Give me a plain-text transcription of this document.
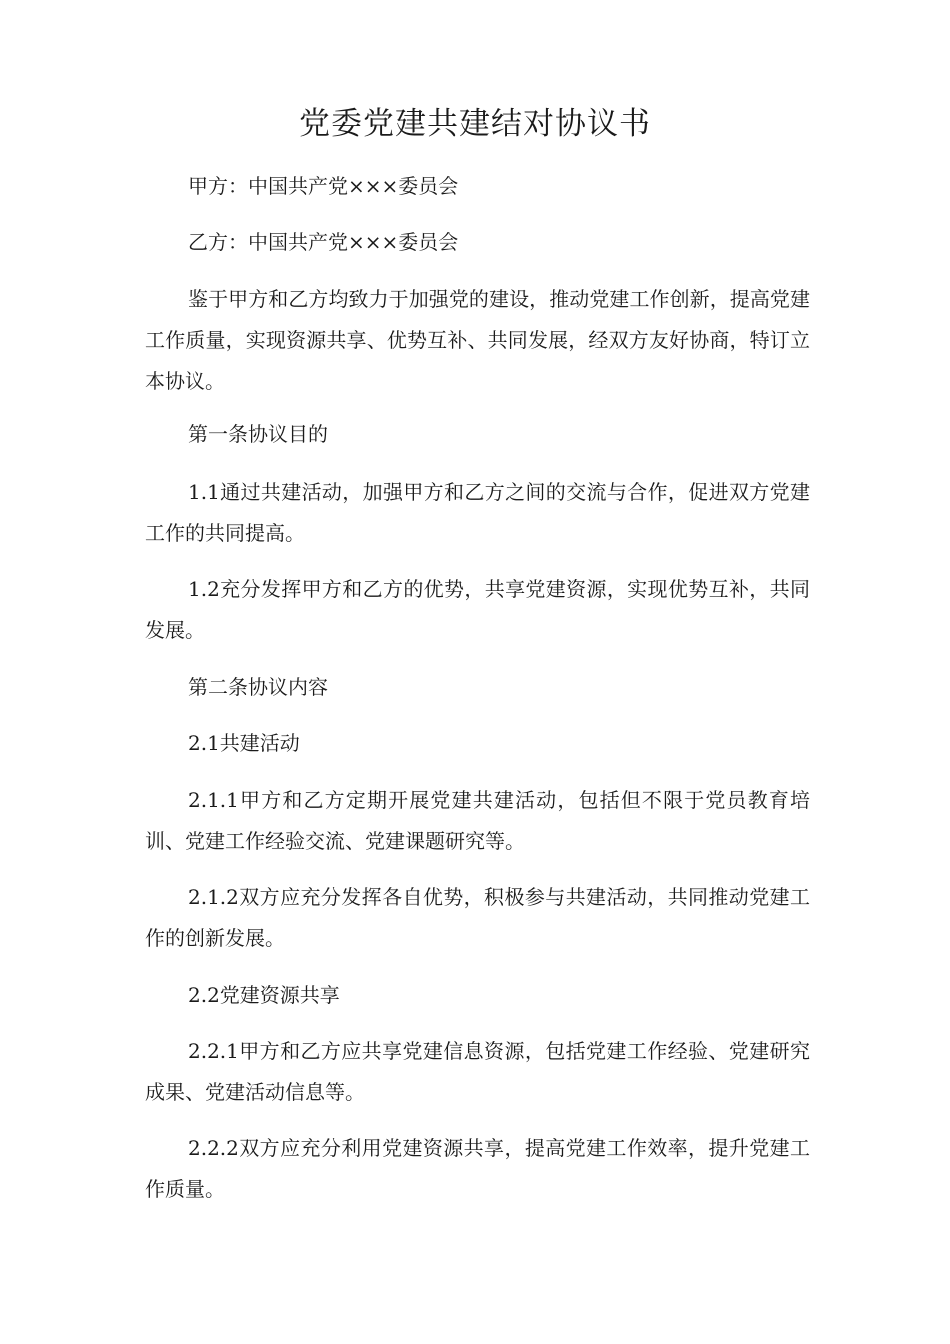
党委党建共建结对协议书

甲方：中国共产党×××委员会

乙方：中国共产党×××委员会

鉴于甲方和乙方均致力于加强党的建设，推动党建工作创新，提高党建工作质量，实现资源共享、优势互补、共同发展，经双方友好协商，特订立本协议。

第一条协议目的

1.1通过共建活动，加强甲方和乙方之间的交流与合作，促进双方党建工作的共同提高。

1.2充分发挥甲方和乙方的优势，共享党建资源，实现优势互补，共同发展。

第二条协议内容

2.1共建活动

2.1.1甲方和乙方定期开展党建共建活动，包括但不限于党员教育培训、党建工作经验交流、党建课题研究等。

2.1.2双方应充分发挥各自优势，积极参与共建活动，共同推动党建工作的创新发展。

2.2党建资源共享

2.2.1甲方和乙方应共享党建信息资源，包括党建工作经验、党建研究成果、党建活动信息等。

2.2.2双方应充分利用党建资源共享，提高党建工作效率，提升党建工作质量。
